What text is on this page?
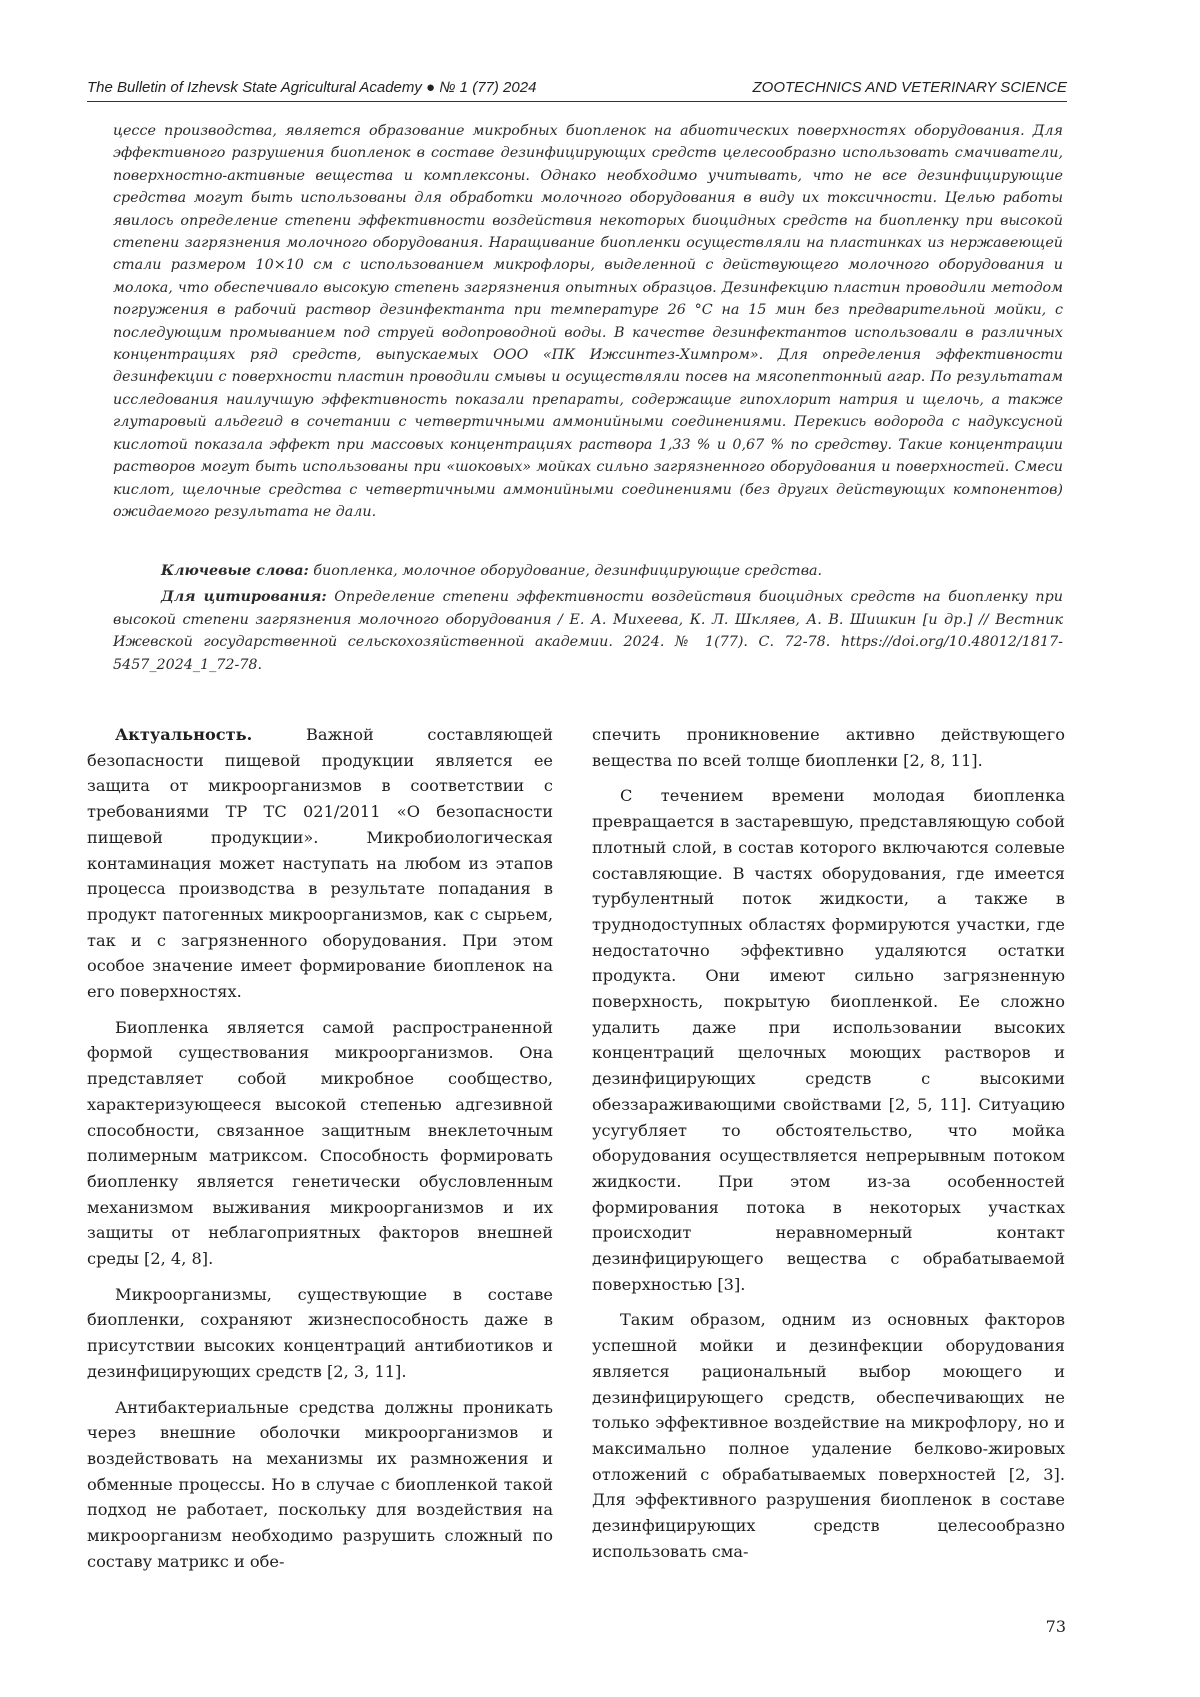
The Bulletin of Izhevsk State Agricultural Academy ● № 1 (77) 2024	ZOOTECHNICS AND VETERINARY SCIENCE

цессе производства, является образование микробных биопленок на абиотических поверхностях оборудования. Для эффективного разрушения биопленок в составе дезинфицирующих средств целесообразно использовать смачиватели, поверхностно-активные вещества и комплексоны. Однако необходимо учитывать, что не все дезинфицирующие средства могут быть использованы для обработки молочного оборудования в виду их токсичности. Целью работы явилось определение степени эффективности воздействия некоторых биоцидных средств на биопленку при высокой степени загрязнения молочного оборудования. Наращивание биопленки осуществляли на пластинках из нержавеющей стали размером 10×10 см с использованием микрофлоры, выделенной с действующего молочного оборудования и молока, что обеспечивало высокую степень загрязнения опытных образцов. Дезинфекцию пластин проводили методом погружения в рабочий раствор дезинфектанта при температуре 26 °С на 15 мин без предварительной мойки, с последующим промыванием под струей водопроводной воды. В качестве дезинфектантов использовали в различных концентрациях ряд средств, выпускаемых ООО «ПК Ижсинтез-Химпром». Для определения эффективности дезинфекции с поверхности пластин проводили смывы и осуществляли посев на мясопептонный агар. По результатам исследования наилучшую эффективность показали препараты, содержащие гипохлорит натрия и щелочь, а также глутаровый альдегид в сочетании с четвертичными аммонийными соединениями. Перекись водорода с надуксусной кислотой показала эффект при массовых концентрациях раствора 1,33 % и 0,67 % по средству. Такие концентрации растворов могут быть использованы при «шоковых» мойках сильно загрязненного оборудования и поверхностей. Смеси кислот, щелочные средства с четвертичными аммонийными соединениями (без других действующих компонентов) ожидаемого результата не дали.

Ключевые слова: биопленка, молочное оборудование, дезинфицирующие средства.

Для цитирования: Определение степени эффективности воздействия биоцидных средств на биопленку при высокой степени загрязнения молочного оборудования / Е. А. Михеева, К. Л. Шкляев, А. В. Шишкин [и др.] // Вестник Ижевской государственной сельскохозяйственной академии. 2024. № 1(77). С. 72-78. https://doi.org/10.48012/1817-5457_2024_1_72-78.

Актуальность. Важной составляющей безопасности пищевой продукции является ее защита от микроорганизмов в соответствии с требованиями ТР ТС 021/2011 «О безопасности пищевой продукции». Микробиологическая контаминация может наступать на любом из этапов процесса производства в результате попадания в продукт патогенных микроорганизмов, как с сырьем, так и с загрязненного оборудования. При этом особое значение имеет формирование биопленок на его поверхностях.

Биопленка является самой распространенной формой существования микроорганизмов. Она представляет собой микробное сообщество, характеризующееся высокой степенью адгезивной способности, связанное защитным внеклеточным полимерным матриксом. Способность формировать биопленку является генетически обусловленным механизмом выживания микроорганизмов и их защиты от неблагоприятных факторов внешней среды [2, 4, 8].

Микроорганизмы, существующие в составе биопленки, сохраняют жизнеспособность даже в присутствии высоких концентраций антибиотиков и дезинфицирующих средств [2, 3, 11].

Антибактериальные средства должны проникать через внешние оболочки микроорганизмов и воздействовать на механизмы их размножения и обменные процессы. Но в случае с биопленкой такой подход не работает, поскольку для воздействия на микроорганизм необходимо разрушить сложный по составу матрикс и обе-

спечить проникновение активно действующего вещества по всей толще биопленки [2, 8, 11].

С течением времени молодая биопленка превращается в застаревшую, представляющую собой плотный слой, в состав которого включаются солевые составляющие. В частях оборудования, где имеется турбулентный поток жидкости, а также в труднодоступных областях формируются участки, где недостаточно эффективно удаляются остатки продукта. Они имеют сильно загрязненную поверхность, покрытую биопленкой. Ее сложно удалить даже при использовании высоких концентраций щелочных моющих растворов и дезинфицирующих средств с высокими обеззараживающими свойствами [2, 5, 11]. Ситуацию усугубляет то обстоятельство, что мойка оборудования осуществляется непрерывным потоком жидкости. При этом из-за особенностей формирования потока в некоторых участках происходит неравномерный контакт дезинфицирующего вещества с обрабатываемой поверхностью [3].

Таким образом, одним из основных факторов успешной мойки и дезинфекции оборудования является рациональный выбор моющего и дезинфицирующего средств, обеспечивающих не только эффективное воздействие на микрофлору, но и максимально полное удаление белково-жировых отложений с обрабатываемых поверхностей [2, 3]. Для эффективного разрушения биопленок в составе дезинфицирующих средств целесообразно использовать сма-

73
